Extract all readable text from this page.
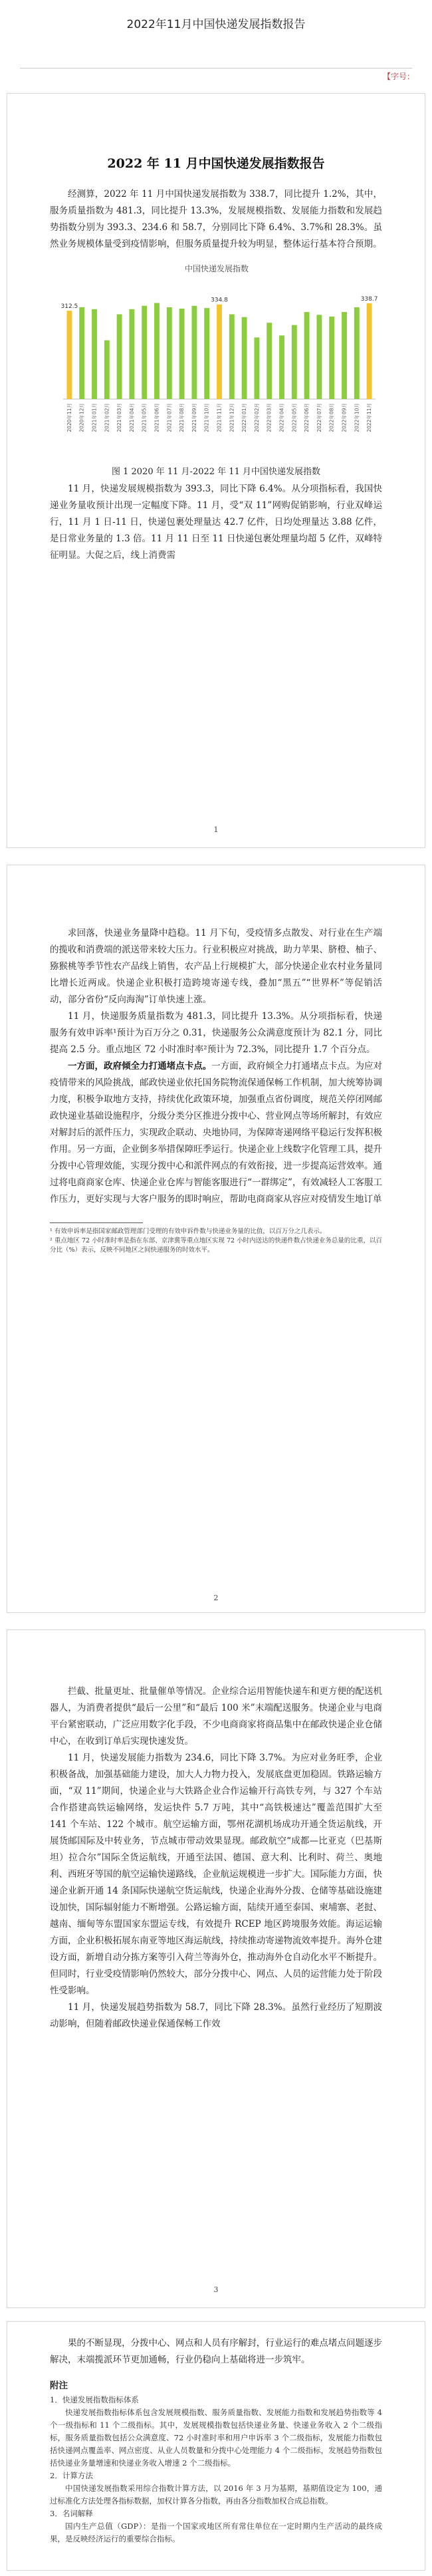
2022年11月中国快递发展指数报告
【字号：
2022 年 11 月中国快递发展指数报告

经测算，2022 年 11 月中国快递发展指数为 338.7，同比提升 1.2%，其中，服务质量指数为 481.3，同比提升 13.3%，发展规模指数、发展能力指数和发展趋势指数分别为 393.3、234.6 和 58.7，分别同比下降 6.4%、3.7%和 28.3%。虽然业务规模体量受到疫情影响，但服务质量提升较为明显，整体运行基本符合预期。

中国快递发展指数
312.5
2020年11月 2020年12月 2021年01月 2021年02月 2021年03月 2021年04月 2021年05月 2021年06月 2021年07月 2021年08月 2021年09月 2021年10月
334.8
2021年11月 2021年12月 2022年01月 2022年02月 2022年03月 2022年04月 2022年05月 2022年06月 2022年07月 2022年08月 2022年09月 2022年10月
338.7
2022年11月
图 1 2020 年 11 月-2022 年 11 月中国快递发展指数

11 月，快递发展规模指数为 393.3，同比下降 6.4%。从分项指标看，我国快递业务量收预计出现一定幅度下降。11 月，受“双 11”网购促销影响，行业双峰运行，11 月 1 日-11 日，快递包裹处理量达 42.7 亿件，日均处理量达 3.88 亿件，是日常业务量的 1.3 倍。11 月 11 日至 11 日快递包裹处理量均超 5 亿件，双峰特征明显。大促之后，线上消费需

1

求回落，快递业务量降中趋稳。11 月下旬，受疫情多点散发、对行业在生产端的揽收和消费端的派送带来较大压力。行业积极应对挑战，助力苹果、脐橙、柚子、猕猴桃等季节性农产品线上销售，农产品上行规模扩大，部分快递企业农村业务量同比增长近两成。快递企业积极打造跨境寄递专线，叠加“黑五”“世界杯”等促销活动，部分省份“反向海淘”订单快速上涨。

11 月，快递服务质量指数为 481.3，同比提升 13.3%。从分项指标看，快递服务有效申诉率¹预计为百万分之 0.31，快递服务公众满意度预计为 82.1 分，同比提高 2.5 分。重点地区 72 小时准时率²预计为 72.3%，同比提升 1.7 个百分点。

一方面，政府倾全力打通堵点卡点。一方面，政府倾全力打通堵点卡点。为应对疫情带来的风险挑战，邮政快递业依托国务院物流保通保畅工作机制，加大统筹协调力度，积极争取地方支持，持续优化政策环境，加强重点省份调度，规范关停闭网邮政快递业基础设施程序，分级分类分区推进分拨中心、营业网点等场所解封，有效应对解封后的派件压力，实现政企联动、央地协同，为保障寄递网络平稳运行发挥积极作用。另一方面，企业倒多举措保障旺季运行。快递企业上线数字化管理工具，提升分拨中心管理效能，实现分拨中心和派件网点的有效衔接，进一步提高运营效率。通过将电商商家仓库、快递企业仓库与智能客服进行“一群绑定”，有效减轻人工客服工作压力，更好实现与大客户服务的即时响应，帮助电商商家从容应对疫情发生地订单

¹ 有效申诉率是指国家邮政管理部门受理的有效申诉件数与快递业务量的比值，以百万分之几表示。

² 重点地区 72 小时准时率是指在东部、京津冀等重点地区实现 72 小时内送达的快递件数占快递业务总量的比重，以百分比（%）表示，反映不同地区之间快递服务的时效水平。

2

拦截、批量更址、批量催单等情况。企业综合运用智能快递车和更方便的配送机器人，为消费者提供“最后一公里”和“最后 100 米”末端配送服务。快递企业与电商平台紧密联动，广泛应用数字化手段，不少电商商家将商品集中在邮政快递企业仓储中心，在收到订单后实现快速发货。

11 月，快递发展能力指数为 234.6，同比下降 3.7%。为应对业务旺季，企业积极备战，加强基础能力建设，加大人力物力投入，发展底盘更加稳固。铁路运输方面，“双 11”期间，快递企业与大铁路企业合作运输开行高铁专列，与 327 个车站合作搭建高铁运输网络，发运快件 5.7 万吨，其中“高铁极速达”覆盖范围扩大至 141 个车站、122 个城市。航空运输方面，鄂州花湖机场成功开通全货运航线，开展货邮国际及中转业务，节点城市带动效果显现。邮政航空“成都—比亚克（巴基斯坦）拉合尔”国际全货运航线，开通至法国、德国、意大利、比利时、荷兰、奥地利、西班牙等国的航空运输快递路线，企业航运规模进一步扩大。国际能力方面，快递企业新开通 14 条国际快递航空货运航线，快递企业海外分拨、仓储等基础设施建设加快，国际辐射能力不断增强。公路运输方面，陆续开通至泰国、柬埔寨、老挝、越南、缅甸等东盟国家东盟运专线，有效提升 RCEP 地区跨境服务效能。海运运输方面，企业积极拓展东南亚等地区海运航线，持续推动寄递物流效率提升。海外仓建设方面，新增自动分拣方案等引入荷兰等海外仓，推动海外仓自动化水平不断提升。但同时，行业受疫情影响仍然较大，部分分拨中心、网点、人员的运营能力处于阶段性受影响。

11 月，快递发展趋势指数为 58.7，同比下降 28.3%。虽然行业经历了短期波动影响，但随着邮政快递业保通保畅工作效

3

果的不断显现，分拨中心、网点和人员有序解封，行业运行的难点堵点问题逐步解决，末端揽派环节更加通畅，行业仍稳向上基础将进一步筑牢。

附注

1．快递发展指数指标体系

快递发展指数指标体系包含发展规模指数、服务质量指数、发展能力指数和发展趋势指数等 4 个一级指标和 11 个二级指标。其中，发展规模指数包括快递业务量、快递业务收入 2 个二级指标，服务质量指数包括公众满意度、72 小时准时率和用户申诉率 3 个二级指标，发展能力指数包括快递网点覆盖率、网点密度、从业人员数量和分拨中心处理能力 4 个二级指标，发展趋势指数包括快递业务量增速和快递业务收入增速 2 个二级指标。

2．计算方法

中国快递发展指数采用综合指数计算方法，以 2016 年 3 月为基期，基期值设定为 100，通过标准化方法处理各指标数据，加权计算各分指数，再由各分指数加权合成总指数。

3．名词解释

国内生产总值（GDP）：是指一个国家或地区所有常住单位在一定时期内生产活动的最终成果，是反映经济运行的重要综合指标。
